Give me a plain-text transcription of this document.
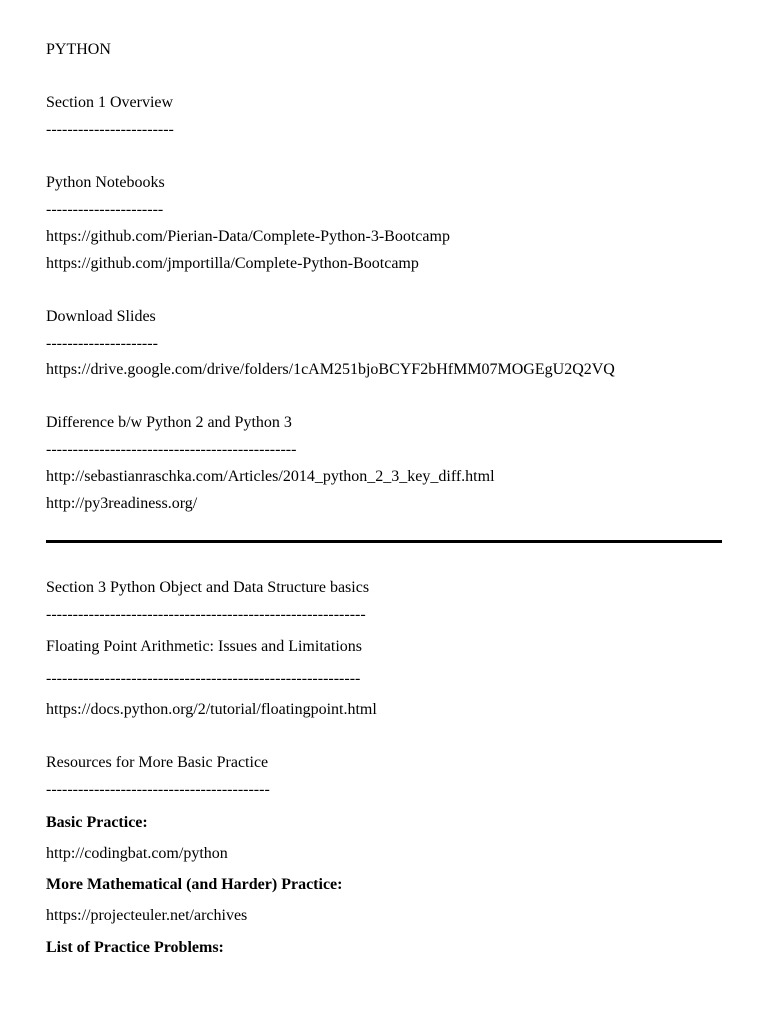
PYTHON
Section 1 Overview
------------------------
Python Notebooks
----------------------
https://github.com/Pierian-Data/Complete-Python-3-Bootcamp
https://github.com/jmportilla/Complete-Python-Bootcamp
Download Slides
---------------------
https://drive.google.com/drive/folders/1cAM251bjoBCYF2bHfMM07MOGEgU2Q2VQ
Difference b/w Python 2 and Python 3
-----------------------------------------------
http://sebastianraschka.com/Articles/2014_python_2_3_key_diff.html
http://py3readiness.org/
Section 3 Python Object and Data Structure basics
------------------------------------------------------------
Floating Point Arithmetic: Issues and Limitations
-----------------------------------------------------------
https://docs.python.org/2/tutorial/floatingpoint.html
Resources for More Basic Practice
------------------------------------------
Basic Practice:
http://codingbat.com/python
More Mathematical (and Harder) Practice:
https://projecteuler.net/archives
List of Practice Problems:
